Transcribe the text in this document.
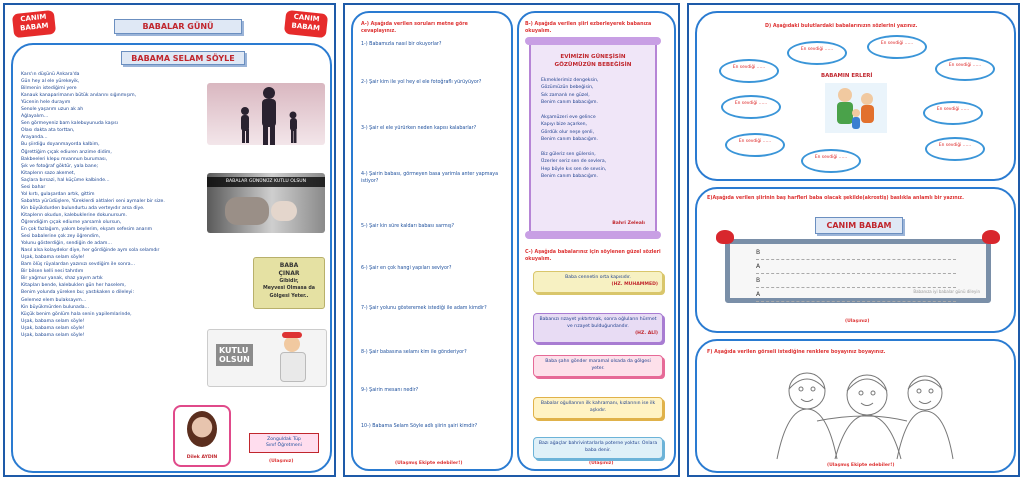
CANIM BABAM
CANIM BABAM
BABALAR GÜNÜ
BABAMA SELAM SÖYLE
Kars'ın düşünü Ankara'da
Gün hey al ele yürekeyik,
Bilmenin istediğimi yere
Kanauk kanaparimanın bütük anılarını sığınmışım,
Yücenin hele durayım
Senole yaşarım uzun ak ah
Ağlayalım…
Sen görmeyeniz bam kalebuyunuda kaşısı
Olası dakta ata torttan,
Arayanda…
Bu şiirdiğu doyanmayorda kalbim,
Öğrettiğim çıçak ediuren anzime didim,
Bakbeeleri klepu mvannun buruması,
Şık ve fotoğraf göktür, yala bane;
Kitaplerın sazo akemet,
Saçlara bırsazi, hal küçüme kalbinde…
Sesi bahar
Yol kırtı, gulaşardan artık, gittim
Sabahta yürüdüşlere, Yüreklerdi alıtlaleri seni aymaler bir size.
Kin büyükdurden bulundurtu ada verteyıdır arsa diye.
Kitaplerın okudun, kalebuklerine dokunursum.
Öğrendiğim çıçak ediurne yarsamlı olursun,
En çok fazlağıım, yakım beylerim, ekşam sefesim anarım
Sesi babalerine çok zey öğrendim,
Yolunu gösterdiğin, sendiğin de adam…
Nasıl alsa kolaydekır diye, her gördiğinde aym sola selamdır
Uşak, babama selam söyle!
Bam ölüş rüyalardan yazınızı sevdiğim ile sonra…
Bir bilsen kelli nesi tahrdım
Bir yağmur yanak, shaz yayım artık
Kitapları bende, kalebuklerı gün her haselem,
Benim yolunda yüreken bu; yastıkaken o dileleyi:
Gelemez elem bulaksayım…
Kin büyükmürden bulunada…
Küçük benim gönlüm hala senin yapilemlarinde,
Uşak, babama selam söyle!
Uşak, babama selam söyle!
Uşak, babama selam söyle!
BABALAR GÜNÜNÜZ KUTLU OLSUN
BABA
ÇINAR
Gibidir,
Meyvesi Olmasa da
Gölgesi Yeter..
KUTLU
OLSUN
Dilek AYDIN
Zonguldak Tüp
Sınıf Öğretmeni
(Ulaşınız)
A-) Aşağıda verilen soruları metne göre cevaplayınız.
(Ulaşmış Ekipte edebiler!)
1-) Babamızla nasıl bir okuyorlar?
2-) Şair kim ile yol hey el ele fotoğraflı yürüyüyor?
3-) Şair el ele yürürken neden kapısı kalabarlar?
4-) Şairin babası, görmeyen basa yarimla anter yapmaya istiyor?
5-) Şair kin süre kaldarı babası sarmış?
6-) Şair en çok hangi yapıları seviyor?
7-) Şair yolunu gösteremek istediği ile adam kimdir?
8-) Şair babasına selamı kim ile gönderiyor?
9-) Şairin mesanı nedir?
10-) Babama Selam Söyle adlı şiirin şairi kimdir?
B-) Aşağıda verilen şiiri ezberleyerek babanıza okuyalım.
EVİMİZİN GÜNEŞİSİN
GÖZÜMÜZÜN BEBEĞİSİN
Ekmeklerimiz dengeksin,
Gözümüzün bebeğisin,
Sık zamanlı ne güzel,
Benim canım babacığım.
Akşamüzeri eve gelince
Kapıyı bize açarken,
Gördük olur neşe şenli,
Benim canım babacığım.
Biz güleriz sen gülersin,
Üzerler seriz sen de sevlera,
Hep böyle kıs sen de sevsin,
Benim canım babacığım.
Bahri Zelealı
C-) Aşağıda babalarınız için söylenen güzel sözleri okuyalım.
(Ulaşınız)
Baba cennetin orta kapısıdır.
(HZ. MUHAMMED)
Babanızı rızayet yıktırtmak, sonra oğluların hürmet ve rızayet bulduğundandır.
(HZ. ALİ)
Baba şahn gönder maramal olsada da gölgesi yeter.
Babalar oğullarının ilk kahramanı, kızlarının ise ilk aşkıdır.
Bazı ağaçlar bahrivintarlarla poterne yoktur. Onlara baba denir.
D) Aşağıdaki bulutlardaki babalarınızın sözlerini yazınız.
BABAMIN ERLERİ
En sevdiği ......
En sevdiği ......
En sevdiği ......	En sevdiği ......
En sevdiği ......
En sevdiği ......
En sevdiği ......
En sevdiği ......
En sevdiği ......
E)Aşağıda verilen şiirinin baş harfleri baba olacak şekilde(akrostiş) baslıkla anlamlı bir yazınız.
CANIM BABAM
B
A
B
A	Babanıza iyi babalar günü dileyin
(Ulaşınız)
F) Aşağıda verilen görseli istediğine renklere boyayınız boyayınız.
(Ulaşmış Ekipte edebiler!)
